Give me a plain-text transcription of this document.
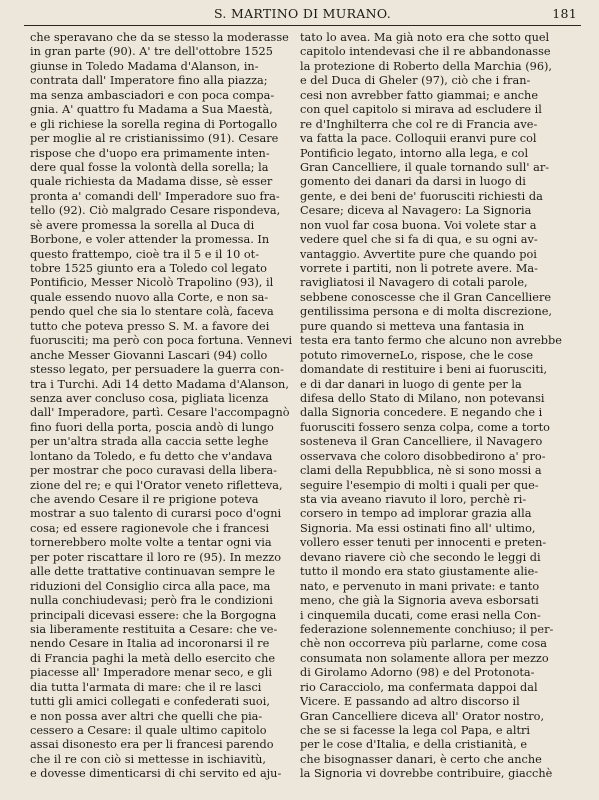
S. MARTINO DI MURANO.	181
che speravano che da se stesso la moderasse
in gran parte (90). A' tre dell'ottobre 1525
giunse in Toledo Madama d'Alanson, in-
contrata dall' Imperatore fino alla piazza;
ma senza ambasciadori e con poca compa-
gnia. A' quattro fu Madama a Sua Maestà,
e gli richiese la sorella regina di Portogallo
per moglie al re cristianissimo (91). Cesare
rispose che d'uopo era primamente inten-
dere qual fosse la volontà della sorella; la
quale richiesta da Madama disse, sè esser
pronta a' comandi dell' Imperadore suo fra-
tello (92). Ciò malgrado Cesare rispondeva,
sè avere promessa la sorella al Duca di
Borbone, e voler attender la promessa. In
questo frattempo, cioè tra il 5 e il 10 ot-
tobre 1525 giunto era a Toledo col legato
Pontificio, Messer Nicolò Trapolino (93), il
quale essendo nuovo alla Corte, e non sa-
pendo quel che sia lo stentare colà, faceva
tutto che poteva presso S. M. a favore dei
fuorusciti; ma però con poca fortuna. Vennevi
anche Messer Giovanni Lascari (94) collo
stesso legato, per persuadere la guerra con-
tra i Turchi. Adi 14 detto Madama d'Alanson,
senza aver concluso cosa, pigliata licenza
dall' Imperadore, partì. Cesare l'accompagnò
fino fuori della porta, poscia andò di lungo
per un'altra strada alla caccia sette leghe
lontano da Toledo, e fu detto che v'andava
per mostrar che poco curavasi della libera-
zione del re; e qui l'Orator veneto rifletteva,
che avendo Cesare il re prigione poteva
mostrar a suo talento di curarsi poco d'ogni
cosa; ed essere ragionevole che i francesi
tornerebbero molte volte a tentar ogni via
per poter riscattare il loro re (95). In mezzo
alle dette trattative continuavan sempre le
riduzioni del Consiglio circa alla pace, ma
nulla conchiudevasi; però fra le condizioni
principali dicevasi essere: che la Borgogna
sia liberamente restituita a Cesare: che ve-
nendo Cesare in Italia ad incoronarsi il re
di Francia paghi la metà dello esercito che
piacesse all' Imperadore menar seco, e gli
dia tutta l'armata di mare: che il re lasci
tutti gli amici collegati e confederati suoi,
e non possa aver altri che quelli che pia-
cessero a Cesare: il quale ultimo capitolo
assai disonesto era per li francesi parendo
che il re con ciò si mettesse in ischiavitù,
e dovesse dimenticarsi di chi servito ed aju-
tato lo avea. Ma già noto era che sotto quel
capitolo intendevasi che il re abbandonasse
la protezione di Roberto della Marchia (96),
e del Duca di Gheler (97), ciò che i fran-
cesi non avrebber fatto giammai; e anche
con quel capitolo si mirava ad escludere il
re d'Inghilterra che col re di Francia ave-
va fatta la pace. Colloquii eranvi pure col
Pontificio legato, intorno alla lega, e col
Gran Cancelliere, il quale tornando sull' ar-
gomento dei danari da darsi in luogo di
gente, e dei beni de' fuorusciti richiesti da
Cesare; diceva al Navagero: La Signoria
non vuol far cosa buona. Voi volete star a
vedere quel che si fa di qua, e su ogni av-
vantaggio. Avvertite pure che quando poi
vorrete i partiti, non li potrete avere. Ma-
ravigliatosi il Navagero di cotali parole,
sebbene conoscesse che il Gran Cancelliere
gentilissima persona e di molta discrezione,
pure quando si metteva una fantasia in
testa era tanto fermo che alcuno non avrebbe
potuto rimoverneLo, rispose, che le cose
domandate di restituire i beni ai fuorusciti,
e di dar danari in luogo di gente per la
difesa dello Stato di Milano, non potevansi
dalla Signoria concedere. E negando che i
fuorusciti fossero senza colpa, come a torto
sosteneva il Gran Cancelliere, il Navagero
osservava che coloro disobbedirono a' pro-
clami della Repubblica, nè si sono mossi a
seguire l'esempio di molti i quali per que-
sta via aveano riavuto il loro, perchè ri-
corsero in tempo ad implorar grazia alla
Signoria. Ma essi ostinati fino all' ultimo,
vollero esser tenuti per innocenti e preten-
devano riavere ciò che secondo le leggi di
tutto il mondo era stato giustamente alie-
nato, e pervenuto in mani private: e tanto
meno, che già la Signoria aveva esborsati
i cinquemila ducati, come erasi nella Con-
federazione solennemente conchiuso; il per-
chè non occorreva più parlarne, come cosa
consumata non solamente allora per mezzo
di Girolamo Adorno (98) e del Protonota-
rio Caracciolo, ma confermata dappoi dal
Vicere. E passando ad altro discorso il
Gran Cancelliere diceva all' Orator nostro,
che se si facesse la lega col Papa, e altri
per le cose d'Italia, e della cristianità, e
che bisognasser danari, è certo che anche
la Signoria vi dovrebbe contribuire, giacchè
